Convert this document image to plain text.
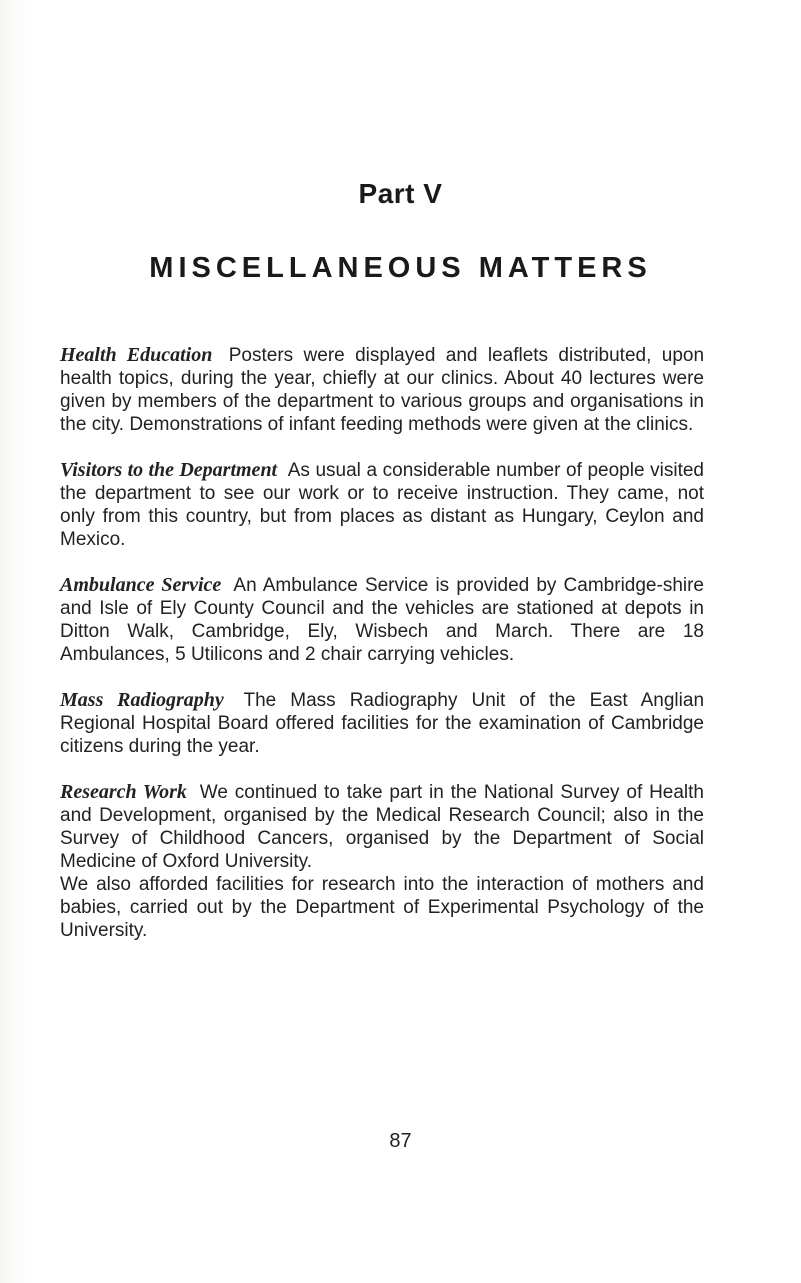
Part V
MISCELLANEOUS MATTERS

Health Education Posters were displayed and leaflets distributed, upon health topics, during the year, chiefly at our clinics. About 40 lectures were given by members of the department to various groups and organisations in the city. Demonstrations of infant feeding methods were given at the clinics.

Visitors to the Department As usual a considerable number of people visited the department to see our work or to receive instruction. They came, not only from this country, but from places as distant as Hungary, Ceylon and Mexico.

Ambulance Service An Ambulance Service is provided by Cambridge-shire and Isle of Ely County Council and the vehicles are stationed at depots in Ditton Walk, Cambridge, Ely, Wisbech and March. There are 18 Ambulances, 5 Utilicons and 2 chair carrying vehicles.

Mass Radiography The Mass Radiography Unit of the East Anglian Regional Hospital Board offered facilities for the examination of Cambridge citizens during the year.

Research Work We continued to take part in the National Survey of Health and Development, organised by the Medical Research Council; also in the Survey of Childhood Cancers, organised by the Department of Social Medicine of Oxford University.

We also afforded facilities for research into the interaction of mothers and babies, carried out by the Department of Experimental Psychology of the University.

87
